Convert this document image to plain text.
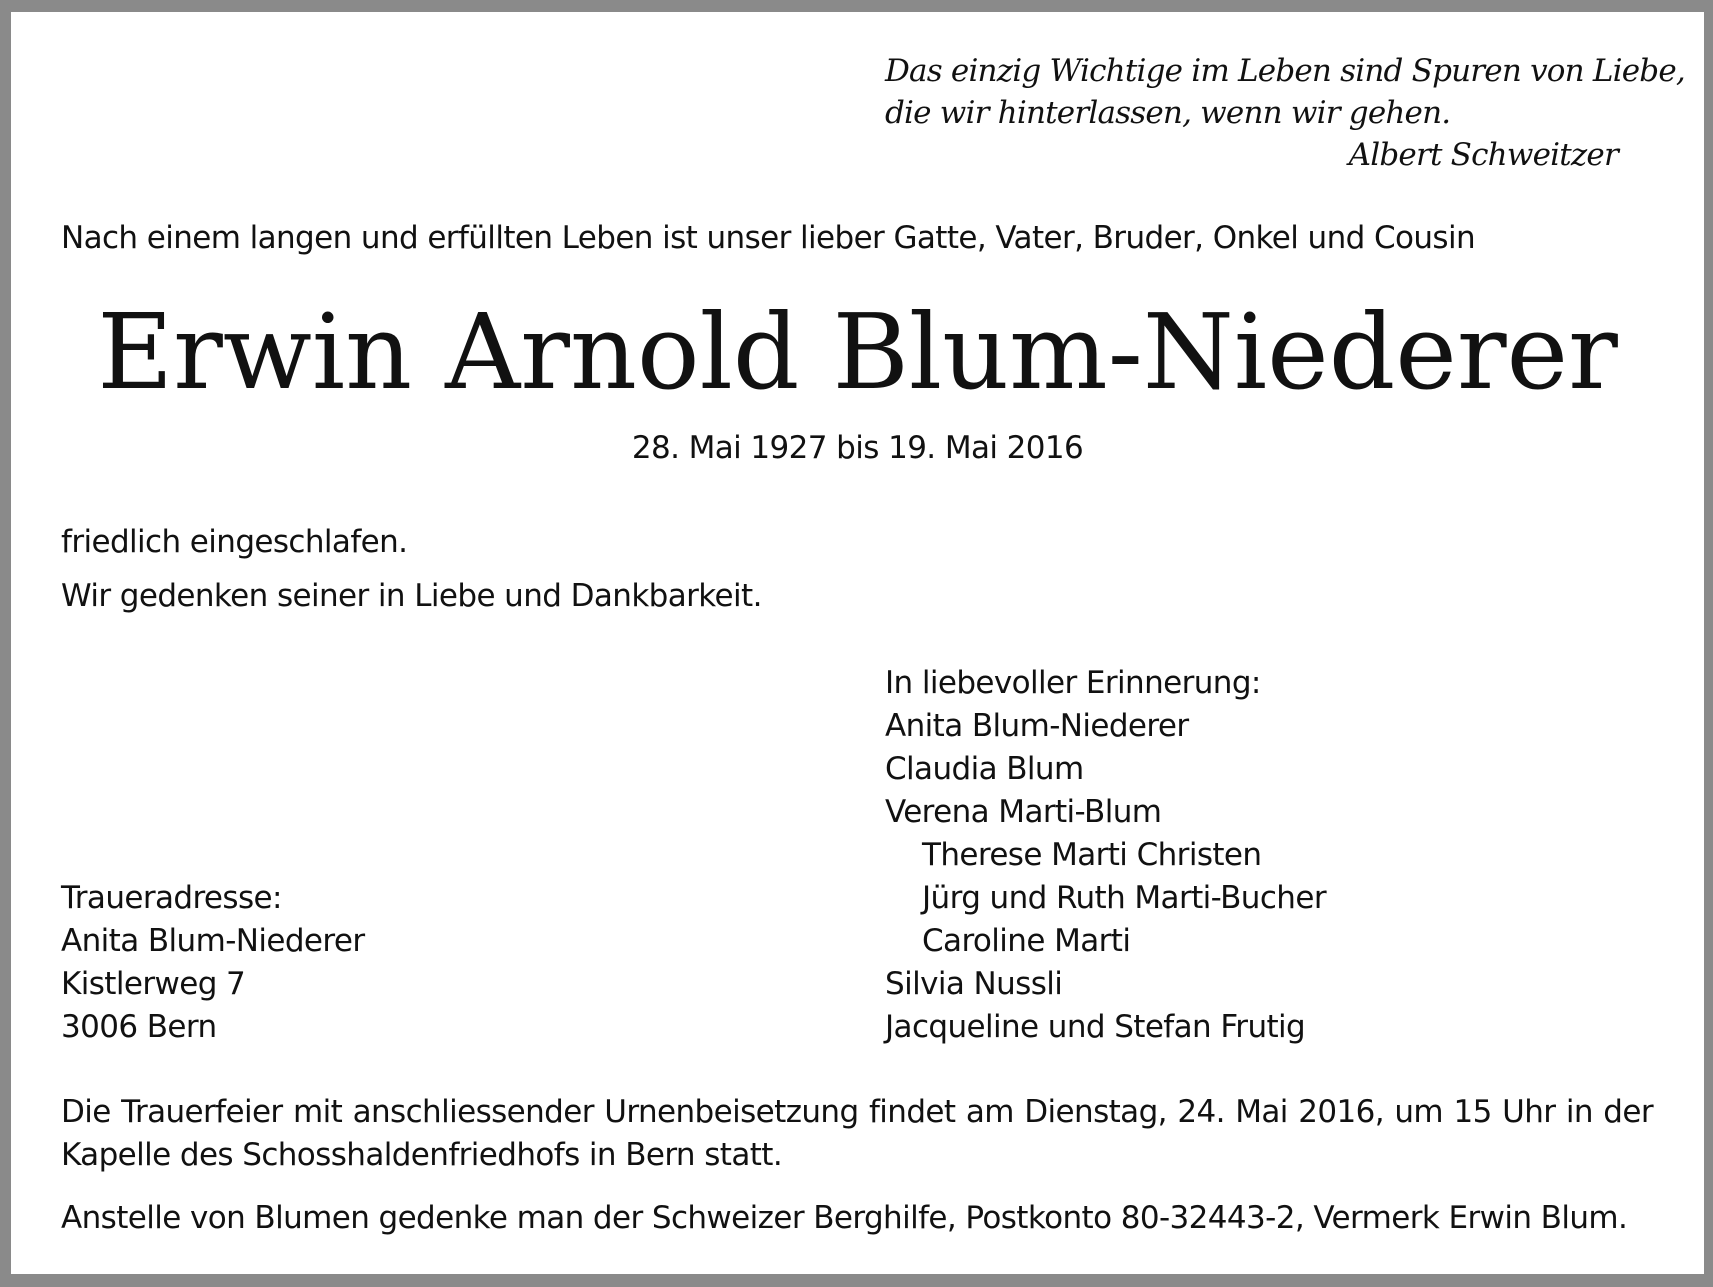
Das einzig Wichtige im Leben sind Spuren von Liebe,
die wir hinterlassen, wenn wir gehen.
Albert Schweitzer
Nach einem langen und erfüllten Leben ist unser lieber Gatte, Vater, Bruder, Onkel und Cousin
Erwin Arnold Blum-Niederer
28. Mai 1927 bis 19. Mai 2016
friedlich eingeschlafen.
Wir gedenken seiner in Liebe und Dankbarkeit.
In liebevoller Erinnerung:
Anita Blum-Niederer
Claudia Blum
Verena Marti-Blum
Therese Marti Christen
Jürg und Ruth Marti-Bucher
Caroline Marti
Silvia Nussli
Jacqueline und Stefan Frutig
Traueradresse:
Anita Blum-Niederer
Kistlerweg 7
3006 Bern
Die Trauerfeier mit anschliessender Urnenbeisetzung findet am Dienstag, 24. Mai 2016, um 15 Uhr in der Kapelle des Schosshaldenfriedhofs in Bern statt.
Anstelle von Blumen gedenke man der Schweizer Berghilfe, Postkonto 80-32443-2, Vermerk Erwin Blum.
